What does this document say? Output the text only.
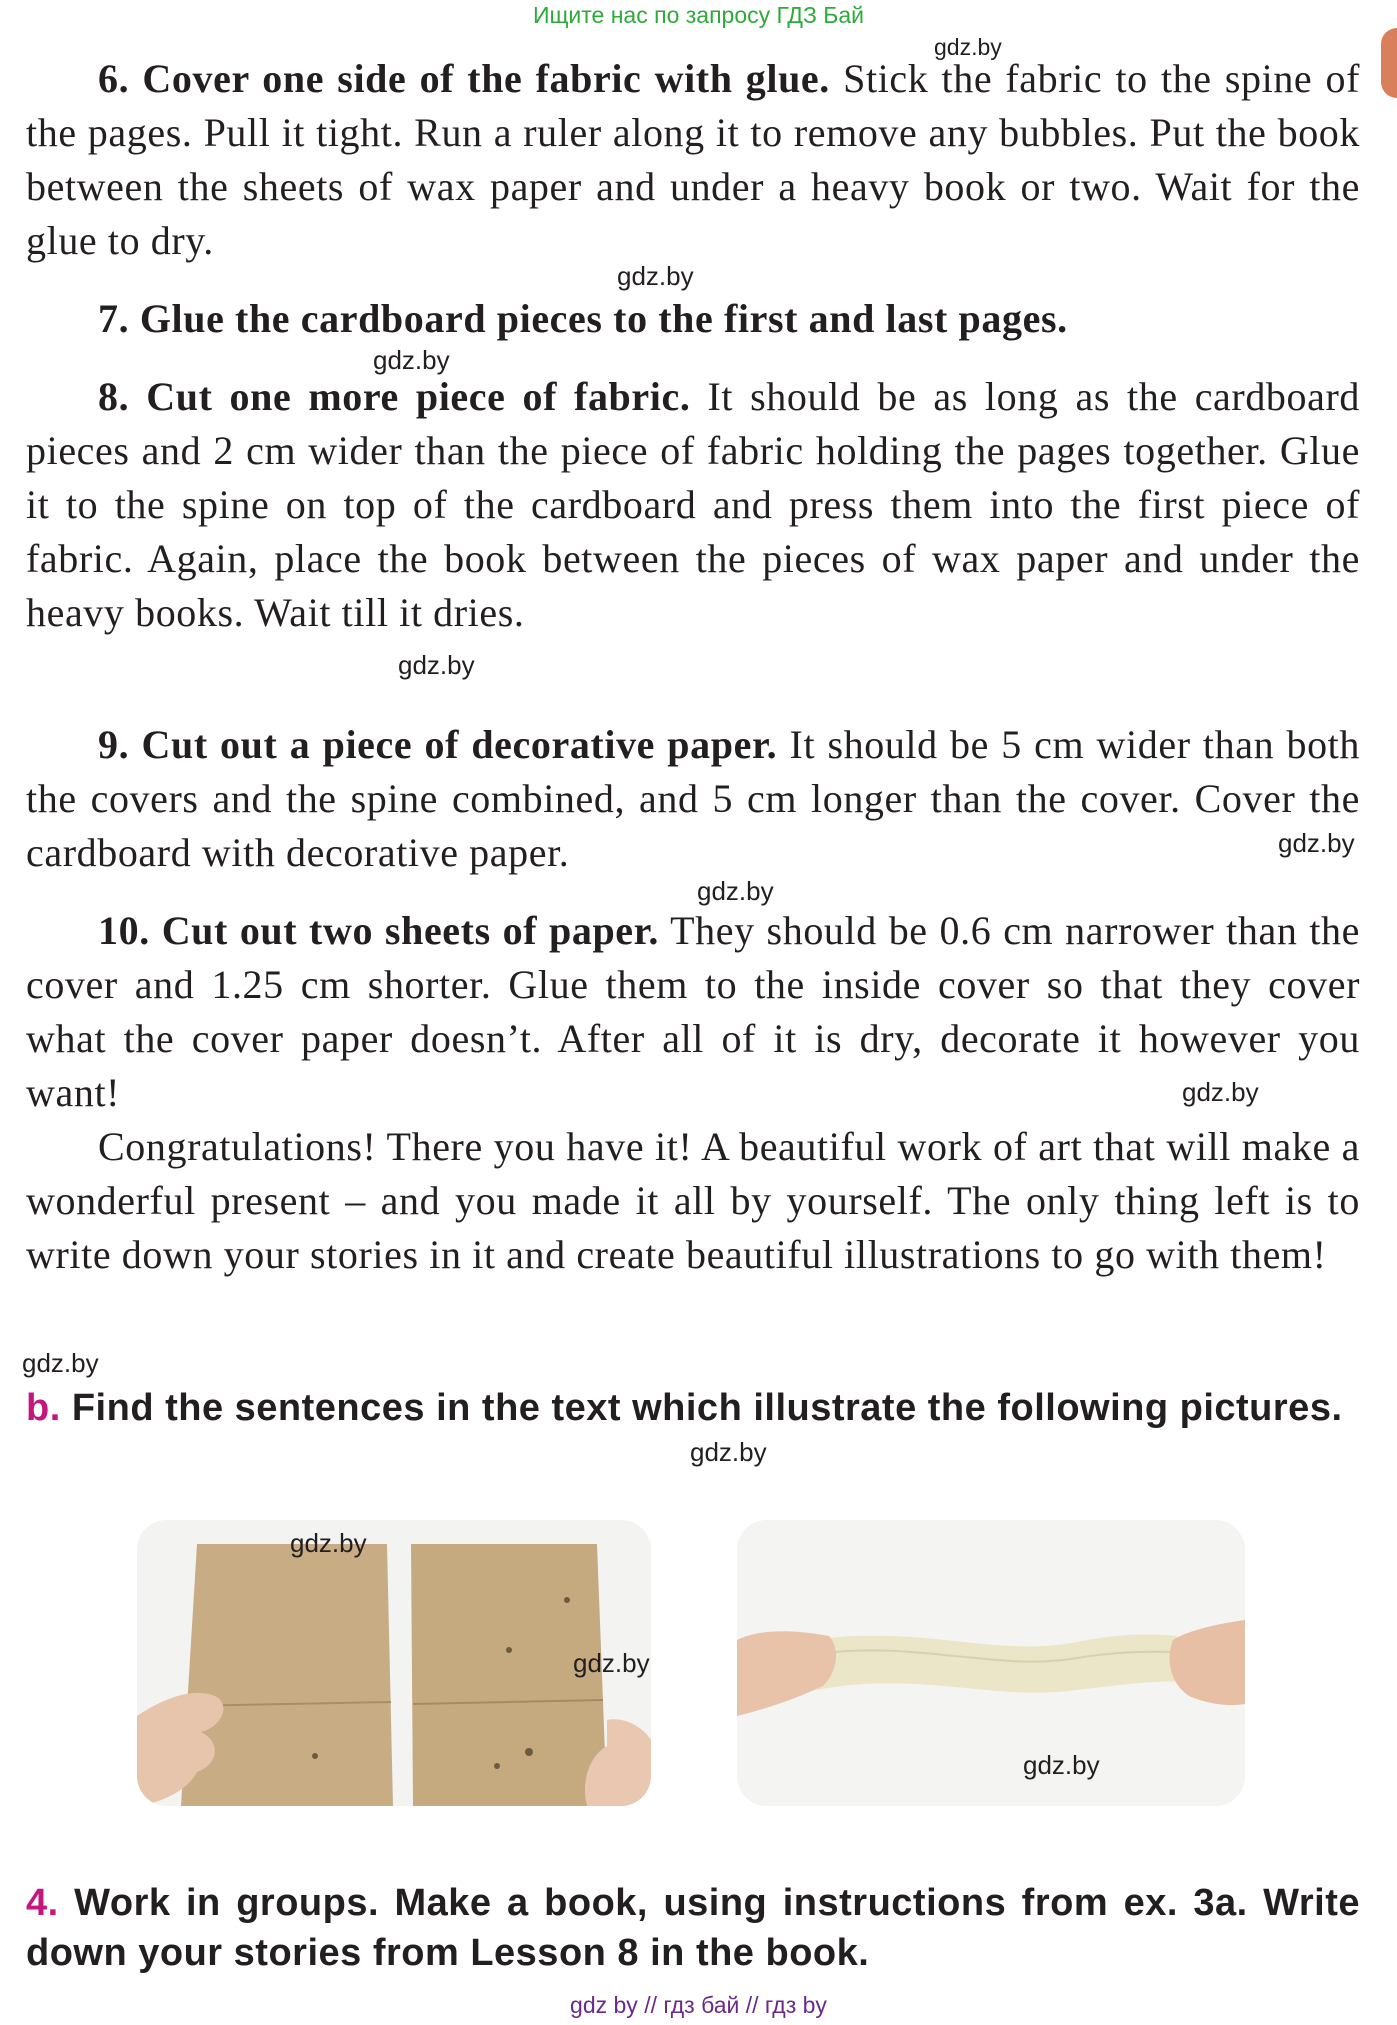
Ищите нас по запросу ГДЗ Бай
gdz.by
gdz.by
gdz.by
gdz.by
gdz.by
gdz.by
gdz.by
gdz.by
gdz.by
6. Cover one side of the fabric with glue. Stick the fabric to the spine of the pages. Pull it tight. Run a ruler along it to remove any bubbles. Put the book between the sheets of wax paper and under a heavy book or two. Wait for the glue to dry.
7. Glue the cardboard pieces to the first and last pages.
8. Cut one more piece of fabric. It should be as long as the cardboard pieces and 2 cm wider than the piece of fabric holding the pages together. Glue it to the spine on top of the cardboard and press them into the first piece of fabric. Again, place the book between the pieces of wax paper and under the heavy books. Wait till it dries.
9. Cut out a piece of decorative paper. It should be 5 cm wider than both the covers and the spine combined, and 5 cm longer than the cover. Cover the cardboard with decorative paper.
10. Cut out two sheets of paper. They should be 0.6 cm narrower than the cover and 1.25 cm shorter. Glue them to the inside cover so that they cover what the cover paper doesn’t. After all of it is dry, decorate it however you want!
Congratulations! There you have it! A beautiful work of art that will make a wonderful present – and you made it all by yourself. The only thing left is to write down your stories in it and create beautiful illustrations to go with them!
b. Find the sentences in the text which illustrate the following pictures.
gdz.by
gdz.by
gdz.by
4. Work in groups. Make a book, using instructions from ex. 3a. Write down your stories from Lesson 8 in the book.
gdz by // гдз бай // гдз by
